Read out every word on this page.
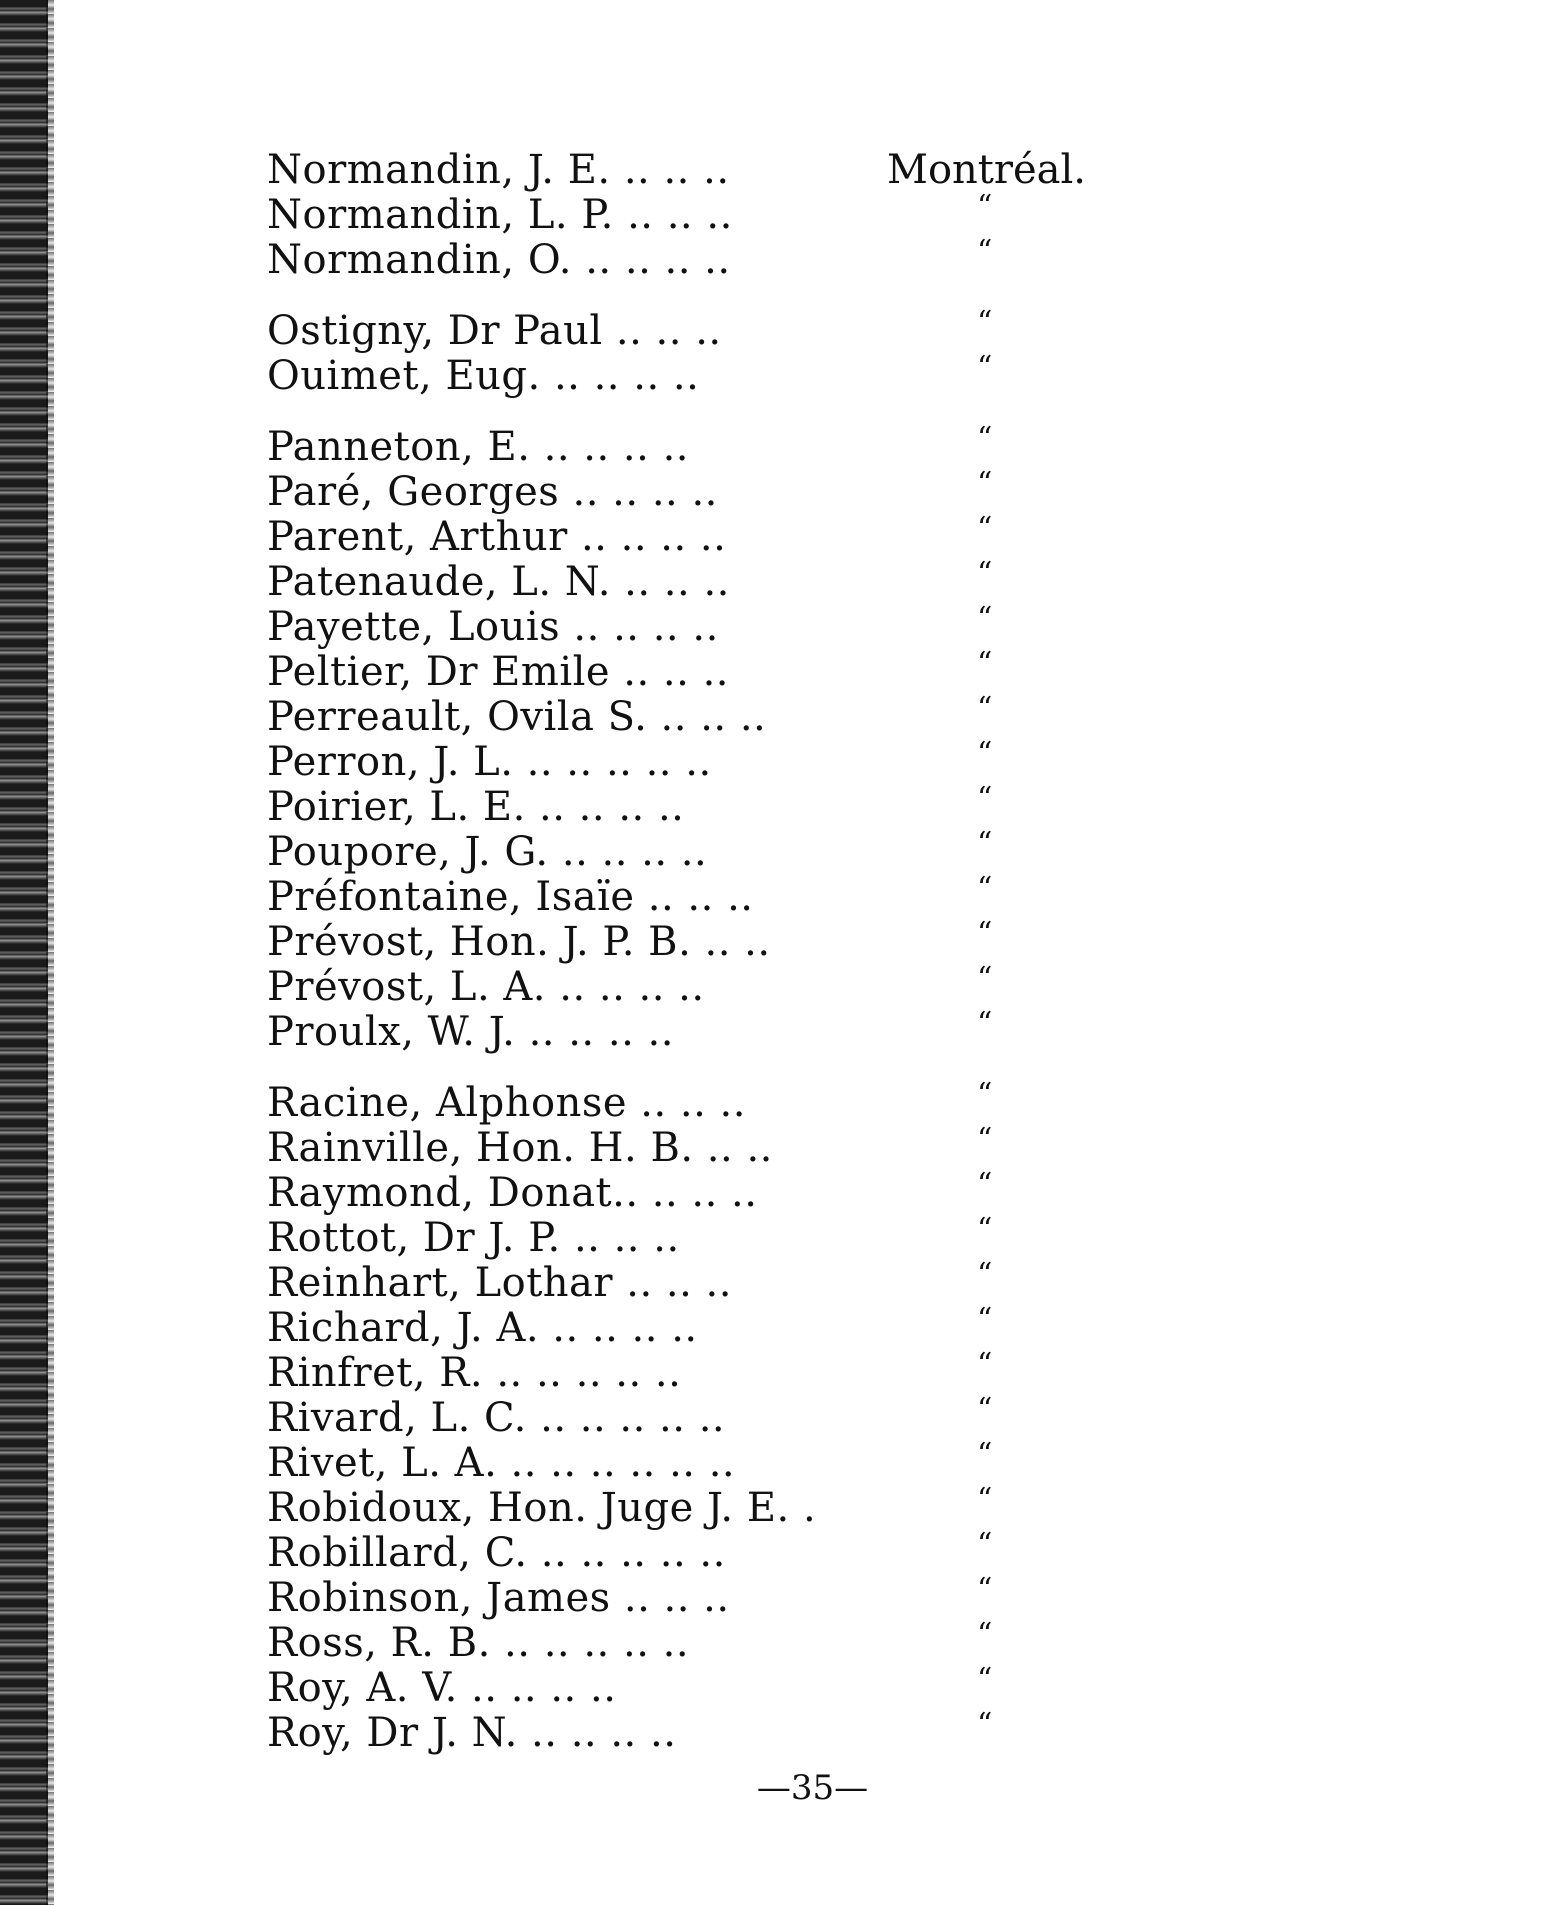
Normandin, J. E. .. .. ..	Montréal.
Normandin, L. P. .. .. ..	“
Normandin, O. .. .. .. ..	“
Ostigny, Dr Paul .. .. ..	“
Ouimet, Eug. .. .. .. ..	“
Panneton, E. .. .. .. ..	“
Paré, Georges .. .. .. ..	“
Parent, Arthur .. .. .. ..	“
Patenaude, L. N. .. .. ..	“
Payette, Louis .. .. .. ..	“
Peltier, Dr Emile .. .. ..	“
Perreault, Ovila S. .. .. ..	“
Perron, J. L. .. .. .. .. ..	“
Poirier, L. E. .. .. .. ..	“
Poupore, J. G. .. .. .. ..	“
Préfontaine, Isaïe .. .. ..	“
Prévost, Hon. J. P. B. .. ..	“
Prévost, L. A. .. .. .. ..	“
Proulx, W. J. .. .. .. ..	“
Racine, Alphonse .. .. ..	“
Rainville, Hon. H. B. .. ..	“
Raymond, Donat.. .. .. ..	“
Rottot, Dr J. P. .. .. ..	“
Reinhart, Lothar .. .. ..	“
Richard, J. A. .. .. .. ..	“
Rinfret, R. .. .. .. .. ..	“
Rivard, L. C. .. .. .. .. ..	“
Rivet, L. A. .. .. .. .. .. ..	“
Robidoux, Hon. Juge J. E. .	“
Robillard, C. .. .. .. .. ..	“
Robinson, James .. .. ..	“
Ross, R. B. .. .. .. .. ..	“
Roy, A. V. .. .. .. ..	“
Roy, Dr J. N. .. .. .. ..	“
—35—
